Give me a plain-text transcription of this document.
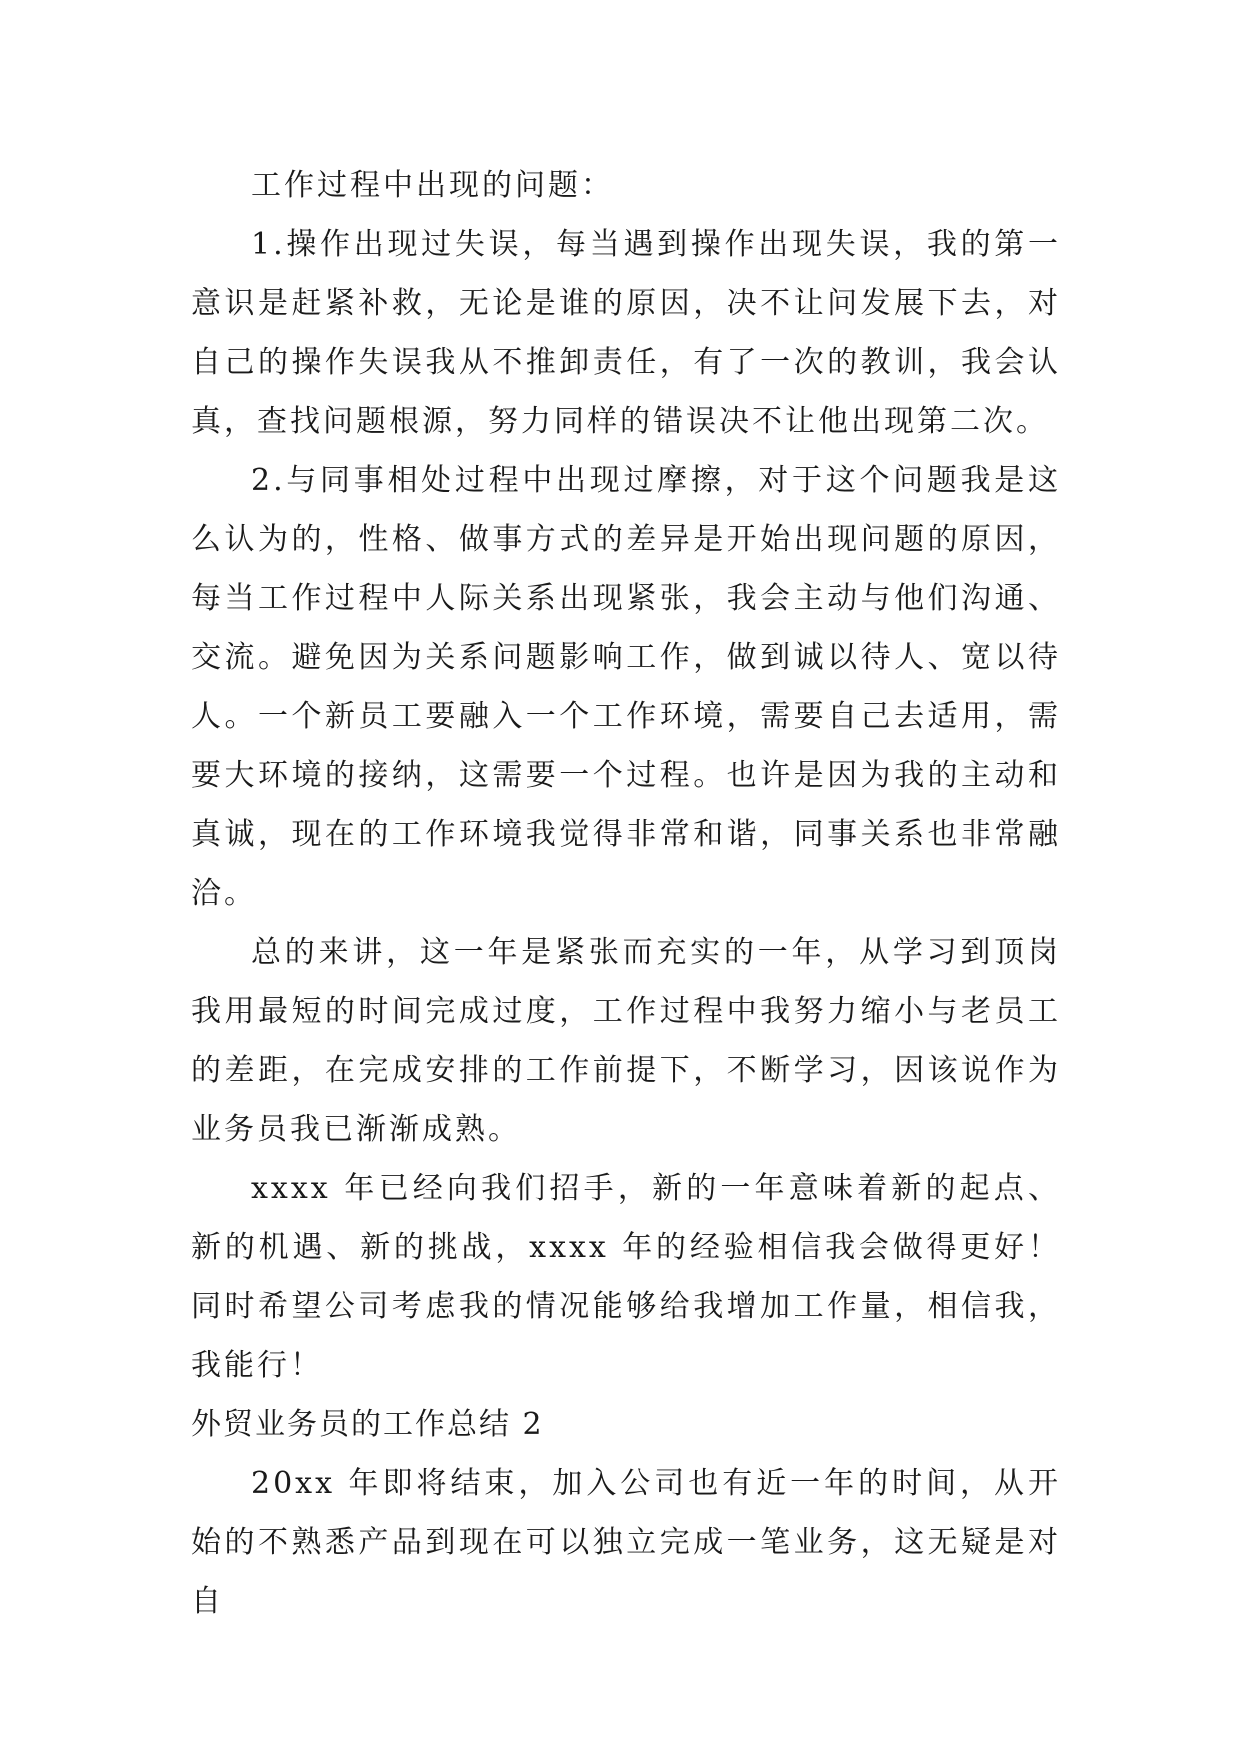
工作过程中出现的问题：

1.操作出现过失误，每当遇到操作出现失误，我的第一意识是赶紧补救，无论是谁的原因，决不让问发展下去，对自己的操作失误我从不推卸责任，有了一次的教训，我会认真，查找问题根源，努力同样的错误决不让他出现第二次。

2.与同事相处过程中出现过摩擦，对于这个问题我是这么认为的，性格、做事方式的差异是开始出现问题的原因，每当工作过程中人际关系出现紧张，我会主动与他们沟通、交流。避免因为关系问题影响工作，做到诚以待人、宽以待人。一个新员工要融入一个工作环境，需要自己去适用，需要大环境的接纳，这需要一个过程。也许是因为我的主动和真诚，现在的工作环境我觉得非常和谐，同事关系也非常融洽。

总的来讲，这一年是紧张而充实的一年，从学习到顶岗我用最短的时间完成过度，工作过程中我努力缩小与老员工的差距，在完成安排的工作前提下，不断学习，因该说作为业务员我已渐渐成熟。

xxxx 年已经向我们招手，新的一年意味着新的起点、新的机遇、新的挑战，xxxx 年的经验相信我会做得更好！同时希望公司考虑我的情况能够给我增加工作量，相信我，我能行！

外贸业务员的工作总结 2

20xx 年即将结束，加入公司也有近一年的时间，从开始的不熟悉产品到现在可以独立完成一笔业务，这无疑是对自
